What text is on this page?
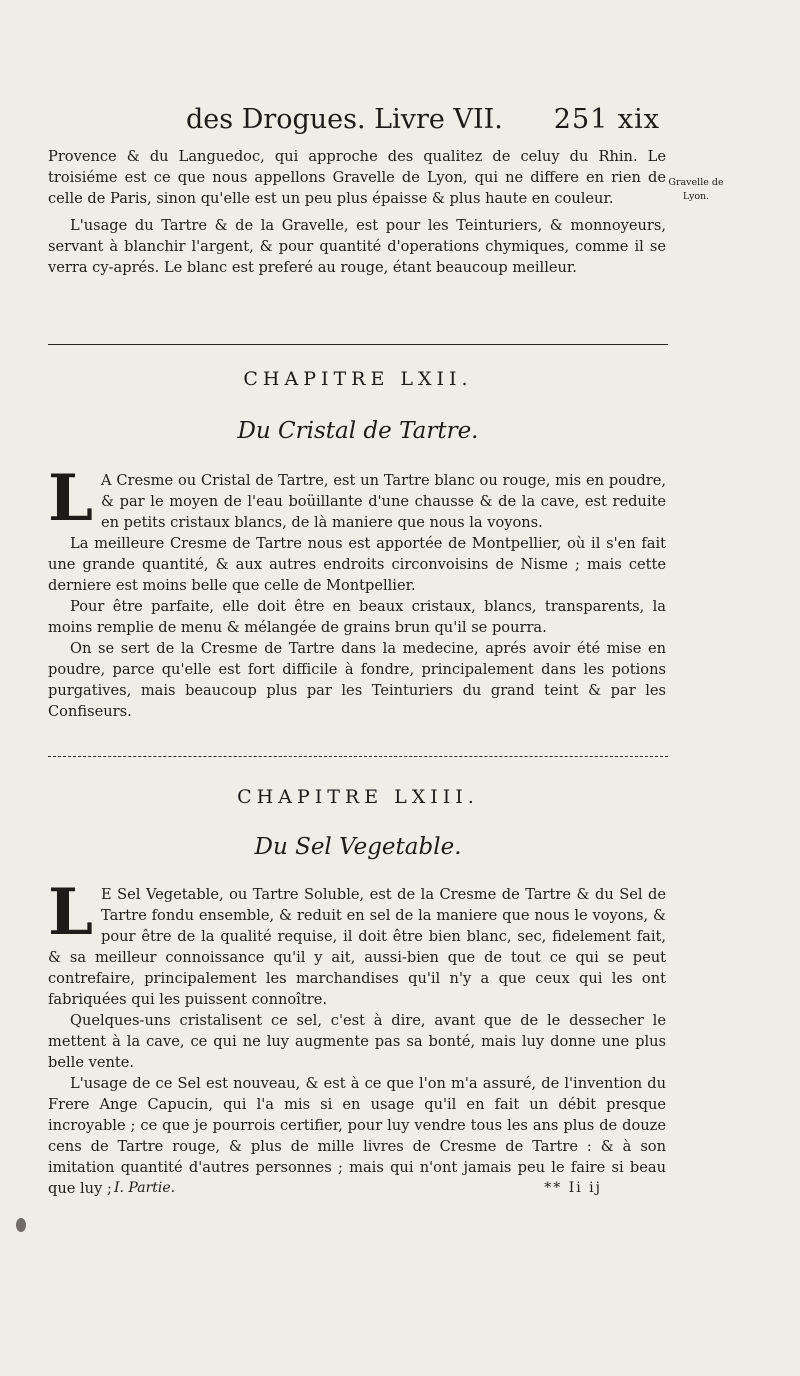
des Drogues. Livre VII. 251 xix
Gravelle de Lyon.

Provence & du Languedoc, qui approche des qualitez de celuy du Rhin. Le troisiéme est ce que nous appellons Gravelle de Lyon, qui ne differe en rien de celle de Paris, sinon qu'elle est un peu plus épaisse & plus haute en couleur.

L'usage du Tartre & de la Gravelle, est pour les Teinturiers, & monnoyeurs, servant à blanchir l'argent, & pour quantité d'operations chymiques, comme il se verra cy-aprés. Le blanc est preferé au rouge, étant beaucoup meilleur.

CHAPITRE LXII.
Du Cristal de Tartre.

L A Cresme ou Cristal de Tartre, est un Tartre blanc ou rouge, mis en poudre, & par le moyen de l'eau boüillante d'une chausse & de la cave, est reduite en petits cristaux blancs, de là maniere que nous la voyons.

La meilleure Cresme de Tartre nous est apportée de Montpellier, où il s'en fait une grande quantité, & aux autres endroits circonvoisins de Nisme ; mais cette derniere est moins belle que celle de Montpellier.

Pour être parfaite, elle doit être en beaux cristaux, blancs, transparents, la moins remplie de menu & mélangée de grains brun qu'il se pourra.

On se sert de la Cresme de Tartre dans la medecine, aprés avoir été mise en poudre, parce qu'elle est fort difficile à fondre, principalement dans les potions purgatives, mais beaucoup plus par les Teinturiers du grand teint & par les Confiseurs.

CHAPITRE LXIII.
Du Sel Vegetable.

L E Sel Vegetable, ou Tartre Soluble, est de la Cresme de Tartre & du Sel de Tartre fondu ensemble, & reduit en sel de la maniere que nous le voyons, & pour être de la qualité requise, il doit être bien blanc, sec, fidelement fait, & sa meilleur connoissance qu'il y ait, aussi-bien que de tout ce qui se peut contrefaire, principalement les marchandises qu'il n'y a que ceux qui les ont fabriquées qui les puissent connoître.

Quelques-uns cristalisent ce sel, c'est à dire, avant que de le dessecher le mettent à la cave, ce qui ne luy augmente pas sa bonté, mais luy donne une plus belle vente.

L'usage de ce Sel est nouveau, & est à ce que l'on m'a assuré, de l'invention du Frere Ange Capucin, qui l'a mis si en usage qu'il en fait un débit presque incroyable ; ce que je pourrois certifier, pour luy vendre tous les ans plus de douze cens de Tartre rouge, & plus de mille livres de Cresme de Tartre : & à son imitation quantité d'autres personnes ; mais qui n'ont jamais peu le faire si beau que luy ; I. Partie.	** Ii ij
